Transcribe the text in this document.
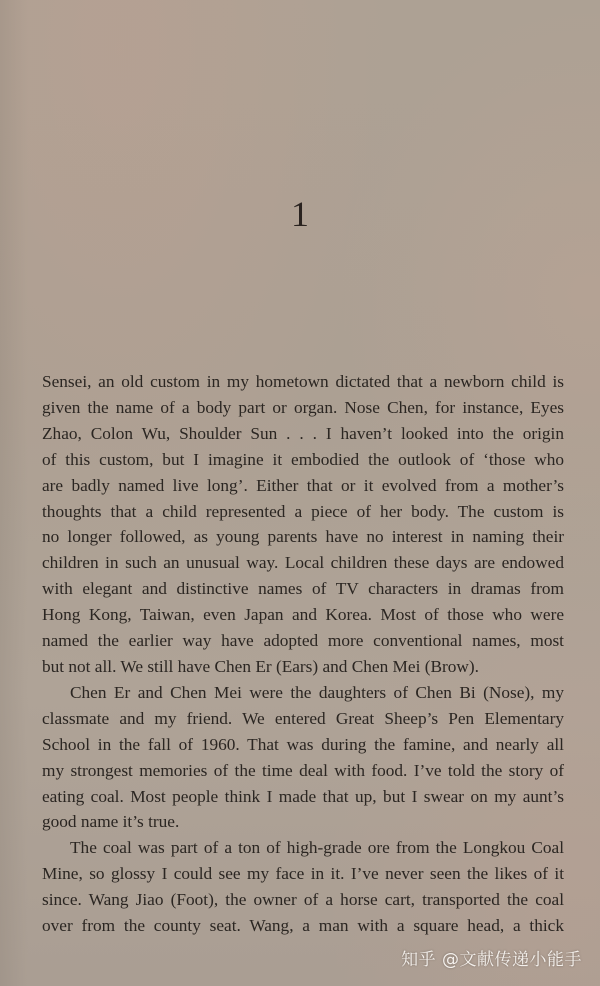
1

Sensei, an old custom in my hometown dictated that a newborn child is
given the name of a body part or organ. Nose Chen, for instance, Eyes
Zhao, Colon Wu, Shoulder Sun . . . I haven’t looked into the origin
of this custom, but I imagine it embodied the outlook of ‘those who
are badly named live long’. Either that or it evolved from a mother’s
thoughts that a child represented a piece of her body. The custom is
no longer followed, as young parents have no interest in naming their
children in such an unusual way. Local children these days are endowed
with elegant and distinctive names of TV characters in dramas from
Hong Kong, Taiwan, even Japan and Korea. Most of those who were
named the earlier way have adopted more conventional names, most
but not all. We still have Chen Er (Ears) and Chen Mei (Brow).

Chen Er and Chen Mei were the daughters of Chen Bi (Nose), my
classmate and my friend. We entered Great Sheep’s Pen Elementary
School in the fall of 1960. That was during the famine, and nearly all
my strongest memories of the time deal with food. I’ve told the story of
eating coal. Most people think I made that up, but I swear on my aunt’s
good name it’s true.

The coal was part of a ton of high-grade ore from the Longkou Coal
Mine, so glossy I could see my face in it. I’ve never seen the likes of it
since. Wang Jiao (Foot), the owner of a horse cart, transported the coal
over from the county seat. Wang, a man with a square head, a thick

知乎 @文献传递小能手
